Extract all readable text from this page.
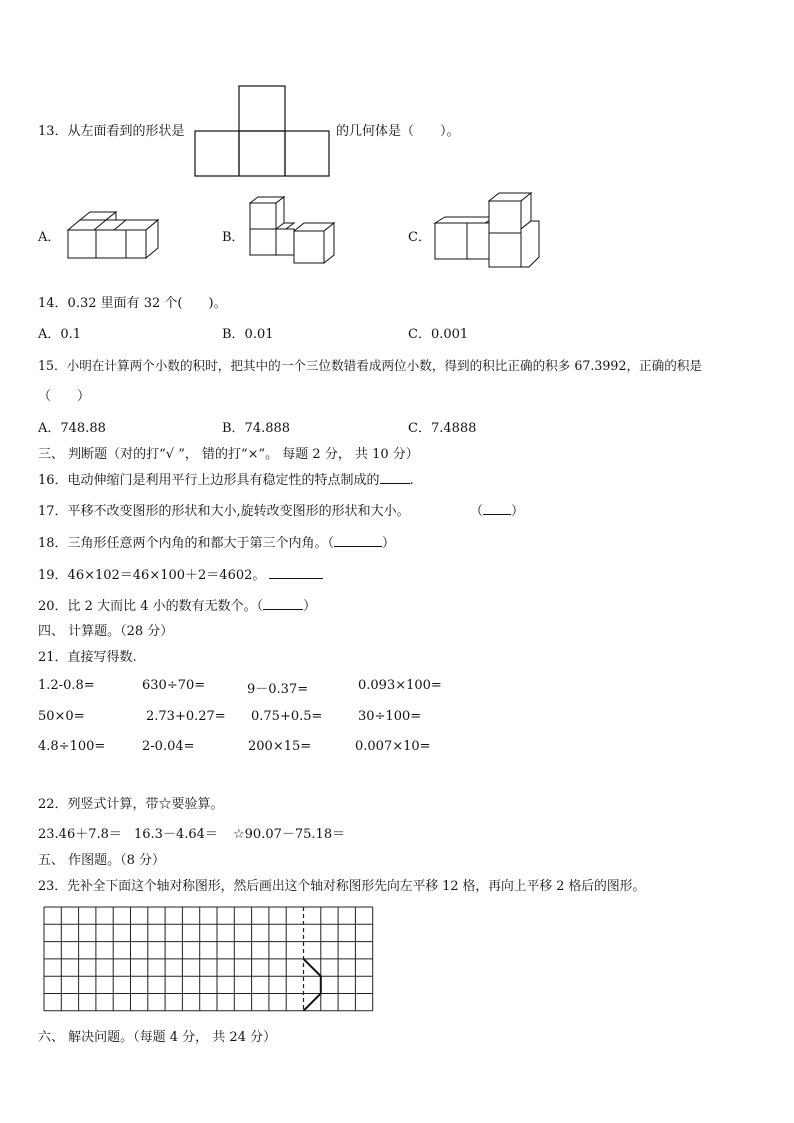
13．从左面看到的形状是	的几何体是（　　）。
A．	B．	C．
14．0.32 里面有 32 个(　　)。
A．0.1	B．0.01	C．0.001
15．小明在计算两个小数的积时，把其中的一个三位数错看成两位小数，得到的积比正确的积多 67.3992，正确的积是
（　　）
A．748.88	B．74.888	C．7.4888
三、 判断题（对的打“√ ”， 错的打“×”。 每题 2 分， 共 10 分）
16．电动伸缩门是利用平行上边形具有稳定性的特点制成的 .
17．平移不改变图形的形状和大小,旋转改变图形的形状和大小。	（ ）
18．三角形任意两个内角的和都大于第三个内角。（	）
19．46×102＝46×100＋2＝4602。
20．比 2 大而比 4 小的数有无数个。（	）
四、 计算题。（28 分）
21．直接写得数.
1.2-0.8=	630÷70=	9－0.37=	0.093×100=
50×0=	2.73+0.27= 0.75+0.5=	30÷100=
4.8÷100=	2-0.04=	200×15=	0.007×10=
22．列竖式计算，带☆要验算。
23.46＋7.8＝ 16.3－4.64＝ ☆90.07－75.18＝
五、 作图题。（8 分）
23．先补全下面这个轴对称图形，然后画出这个轴对称图形先向左平移 12 格，再向上平移 2 格后的图形。
六、 解决问题。（每题 4 分， 共 24 分）
